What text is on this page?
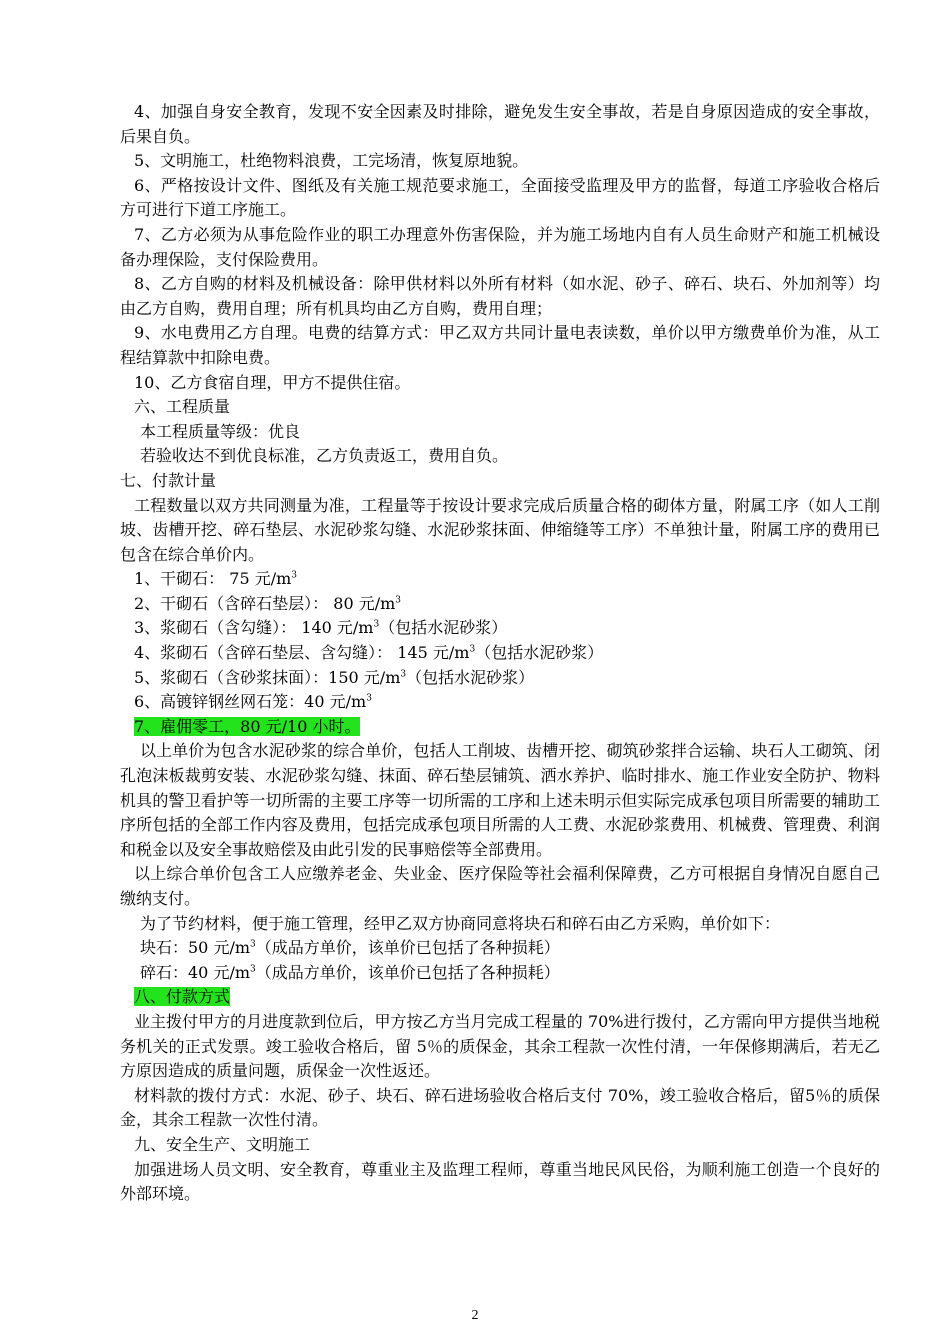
4、加强自身安全教育，发现不安全因素及时排除，避免发生安全事故，若是自身原因造成的安全事故，后果自负。

5、文明施工，杜绝物料浪费，工完场清，恢复原地貌。

6、严格按设计文件、图纸及有关施工规范要求施工，全面接受监理及甲方的监督，每道工序验收合格后方可进行下道工序施工。

7、乙方必须为从事危险作业的职工办理意外伤害保险，并为施工场地内自有人员生命财产和施工机械设备办理保险，支付保险费用。

8、乙方自购的材料及机械设备：除甲供材料以外所有材料（如水泥、砂子、碎石、块石、外加剂等）均由乙方自购，费用自理；所有机具均由乙方自购，费用自理；

9、水电费用乙方自理。电费的结算方式：甲乙双方共同计量电表读数，单价以甲方缴费单价为准，从工程结算款中扣除电费。

10、乙方食宿自理，甲方不提供住宿。

六、工程质量

本工程质量等级：优良

若验收达不到优良标准，乙方负责返工，费用自负。

七、付款计量

工程数量以双方共同测量为准，工程量等于按设计要求完成后质量合格的砌体方量，附属工序（如人工削坡、齿槽开挖、碎石垫层、水泥砂浆勾缝、水泥砂浆抹面、伸缩缝等工序）不单独计量，附属工序的费用已包含在综合单价内。

1、干砌石： 75 元$/m^3$

2、干砌石（含碎石垫层）： 80 元$/m^3$

3、浆砌石（含勾缝）： 140 元$/m^3$（包括水泥砂浆）

4、浆砌石（含碎石垫层、含勾缝）： 145 元$/m^3$（包括水泥砂浆）

5、浆砌石（含砂浆抹面）：150 元$/m^3$（包括水泥砂浆）

6、高镀锌钢丝网石笼：40 元$/m^3$

7、雇佣零工，80 元/10 小时。

以上单价为包含水泥砂浆的综合单价，包括人工削坡、齿槽开挖、砌筑砂浆拌合运输、块石人工砌筑、闭孔泡沫板裁剪安装、水泥砂浆勾缝、抹面、碎石垫层铺筑、洒水养护、临时排水、施工作业安全防护、物料机具的警卫看护等一切所需的主要工序等一切所需的工序和上述未明示但实际完成承包项目所需要的辅助工序所包括的全部工作内容及费用，包括完成承包项目所需的人工费、水泥砂浆费用、机械费、管理费、利润和税金以及安全事故赔偿及由此引发的民事赔偿等全部费用。

以上综合单价包含工人应缴养老金、失业金、医疗保险等社会福利保障费，乙方可根据自身情况自愿自己缴纳支付。

为了节约材料，便于施工管理，经甲乙双方协商同意将块石和碎石由乙方采购，单价如下：

块石：50 元$/m^3$（成品方单价，该单价已包括了各种损耗）

碎石：40 元$/m^3$（成品方单价，该单价已包括了各种损耗）

八、付款方式

业主拨付甲方的月进度款到位后，甲方按乙方当月完成工程量的 70%进行拨付，乙方需向甲方提供当地税务机关的正式发票。竣工验收合格后，留 5％的质保金，其余工程款一次性付清，一年保修期满后，若无乙方原因造成的质量问题，质保金一次性返还。

材料款的拨付方式：水泥、砂子、块石、碎石进场验收合格后支付 70%，竣工验收合格后，留5％的质保金，其余工程款一次性付清。

九、安全生产、文明施工

加强进场人员文明、安全教育，尊重业主及监理工程师，尊重当地民风民俗，为顺利施工创造一个良好的外部环境。

2
